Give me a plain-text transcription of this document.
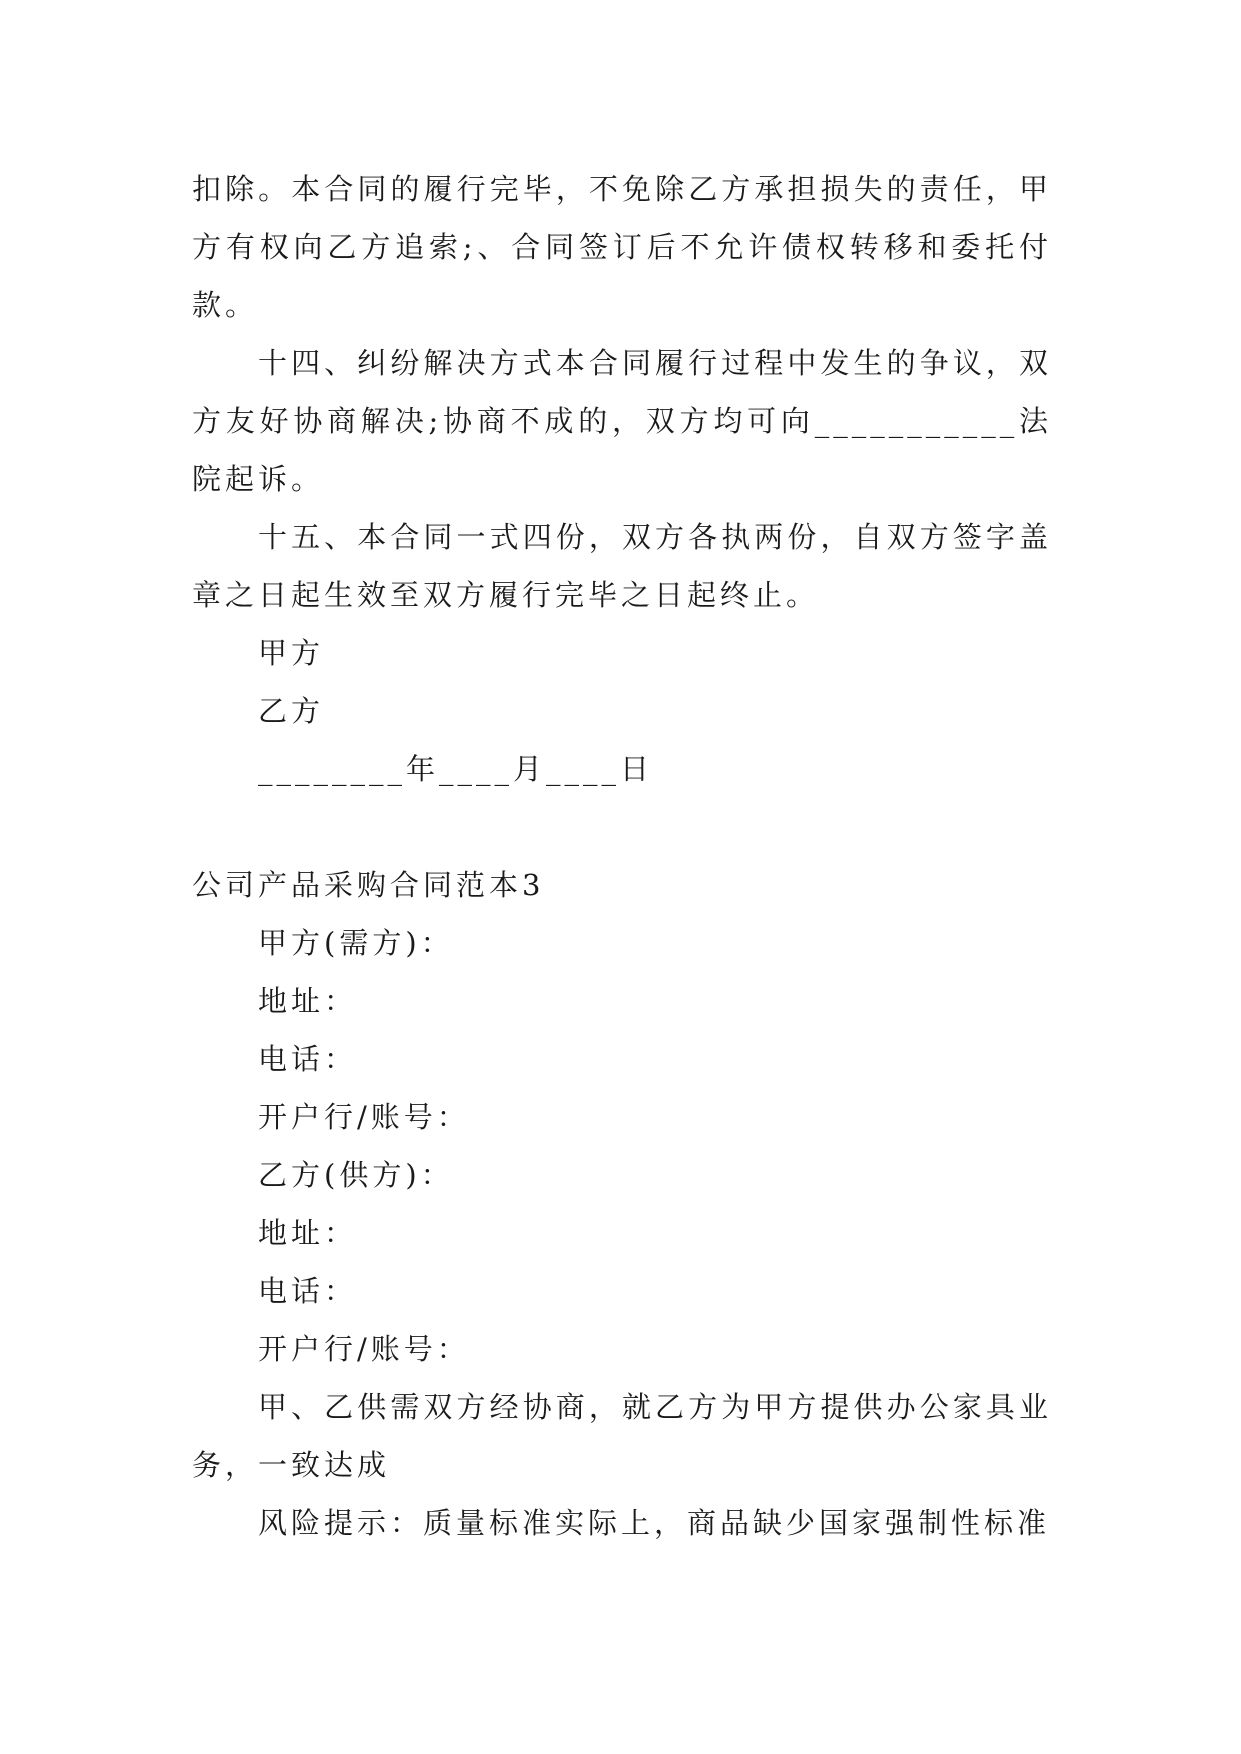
扣除。本合同的履行完毕，不免除乙方承担损失的责任，甲方有权向乙方追索;、合同签订后不允许债权转移和委托付款。

十四、纠纷解决方式本合同履行过程中发生的争议，双方友好协商解决;协商不成的，双方均可向___________法院起诉。

十五、本合同一式四份，双方各执两份，自双方签字盖章之日起生效至双方履行完毕之日起终止。

甲方

乙方

________年____月____日

公司产品采购合同范本3

甲方(需方)：

地址：

电话：

开户行/账号：

乙方(供方)：

地址：

电话：

开户行/账号：

甲、乙供需双方经协商，就乙方为甲方提供办公家具业务，一致达成

风险提示：质量标准实际上，商品缺少国家强制性标准
